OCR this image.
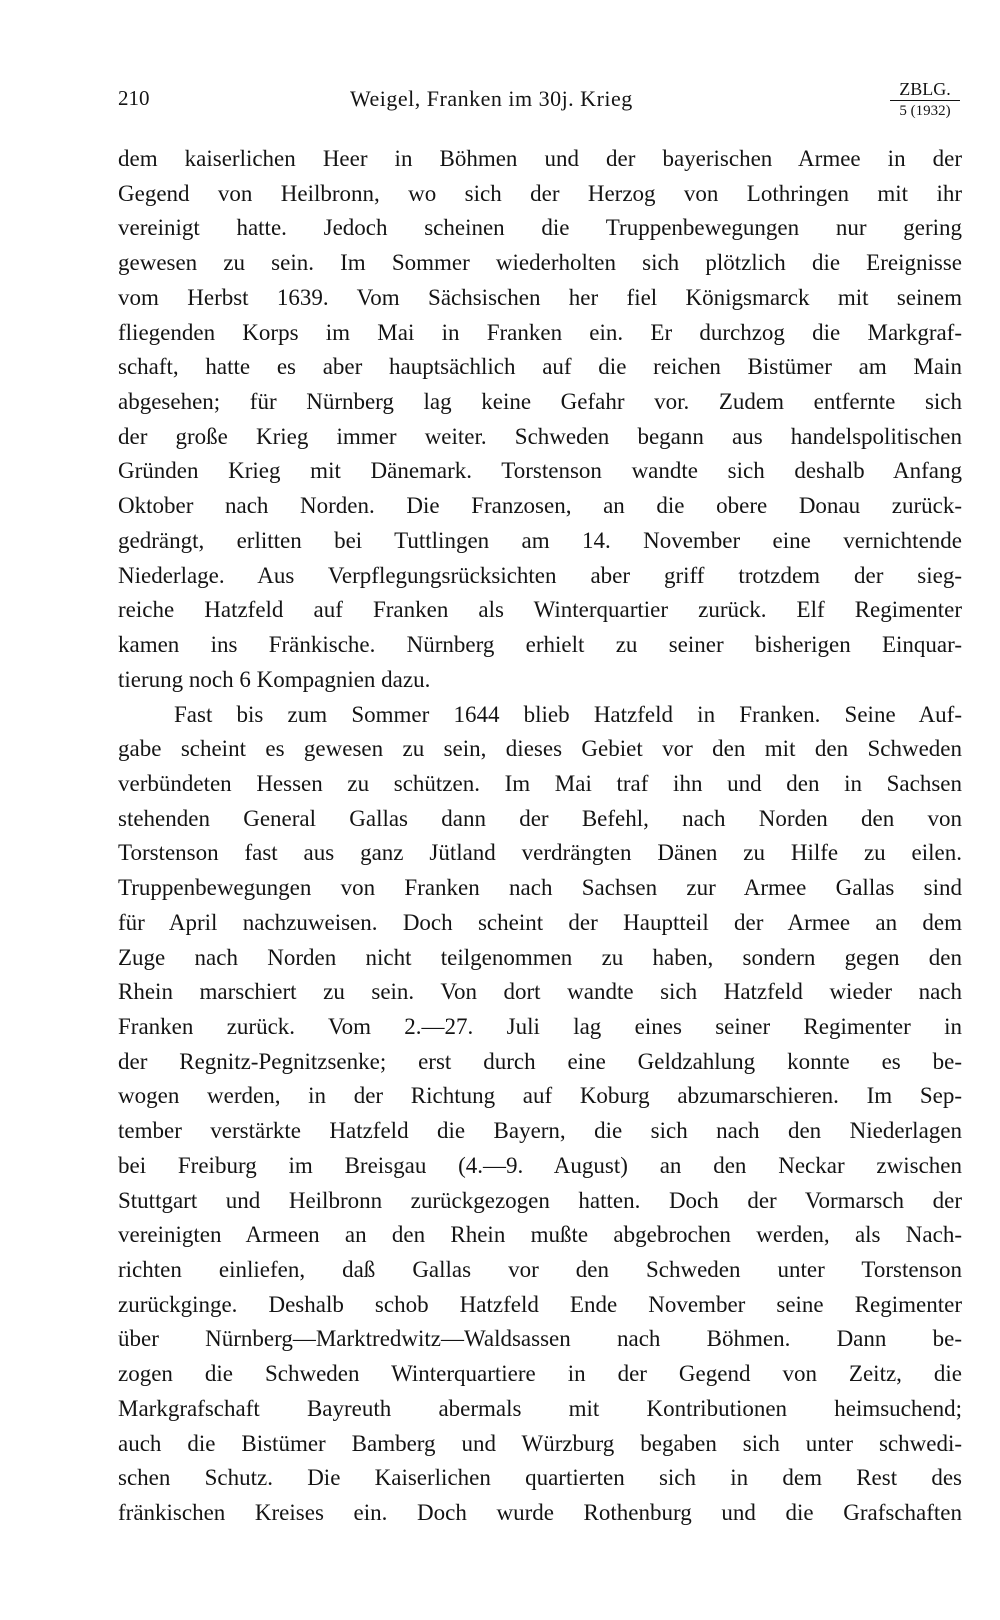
210	Weigel, Franken im 30j. Krieg	ZBLG.
5 (1932)
dem kaiserlichen Heer in Böhmen und der bayerischen Armee in der
Gegend von Heilbronn, wo sich der Herzog von Lothringen mit ihr
vereinigt hatte. Jedoch scheinen die Truppenbewegungen nur gering
gewesen zu sein. Im Sommer wiederholten sich plötzlich die Ereignisse
vom Herbst 1639. Vom Sächsischen her fiel Königsmarck mit seinem
fliegenden Korps im Mai in Franken ein. Er durchzog die Markgraf-
schaft, hatte es aber hauptsächlich auf die reichen Bistümer am Main
abgesehen; für Nürnberg lag keine Gefahr vor. Zudem entfernte sich
der große Krieg immer weiter. Schweden begann aus handelspolitischen
Gründen Krieg mit Dänemark. Torstenson wandte sich deshalb Anfang
Oktober nach Norden. Die Franzosen, an die obere Donau zurück-
gedrängt, erlitten bei Tuttlingen am 14. November eine vernichtende
Niederlage. Aus Verpflegungsrücksichten aber griff trotzdem der sieg-
reiche Hatzfeld auf Franken als Winterquartier zurück. Elf Regimenter
kamen ins Fränkische. Nürnberg erhielt zu seiner bisherigen Einquar-
tierung noch 6 Kompagnien dazu.
Fast bis zum Sommer 1644 blieb Hatzfeld in Franken. Seine Auf-
gabe scheint es gewesen zu sein, dieses Gebiet vor den mit den Schweden
verbündeten Hessen zu schützen. Im Mai traf ihn und den in Sachsen
stehenden General Gallas dann der Befehl, nach Norden den von
Torstenson fast aus ganz Jütland verdrängten Dänen zu Hilfe zu eilen.
Truppenbewegungen von Franken nach Sachsen zur Armee Gallas sind
für April nachzuweisen. Doch scheint der Hauptteil der Armee an dem
Zuge nach Norden nicht teilgenommen zu haben, sondern gegen den
Rhein marschiert zu sein. Von dort wandte sich Hatzfeld wieder nach
Franken zurück. Vom 2.—27. Juli lag eines seiner Regimenter in
der Regnitz-Pegnitzsenke; erst durch eine Geldzahlung konnte es be-
wogen werden, in der Richtung auf Koburg abzumarschieren. Im Sep-
tember verstärkte Hatzfeld die Bayern, die sich nach den Niederlagen
bei Freiburg im Breisgau (4.—9. August) an den Neckar zwischen
Stuttgart und Heilbronn zurückgezogen hatten. Doch der Vormarsch der
vereinigten Armeen an den Rhein mußte abgebrochen werden, als Nach-
richten einliefen, daß Gallas vor den Schweden unter Torstenson
zurückginge. Deshalb schob Hatzfeld Ende November seine Regimenter
über Nürnberg—Marktredwitz—Waldsassen nach Böhmen. Dann be-
zogen die Schweden Winterquartiere in der Gegend von Zeitz, die
Markgrafschaft Bayreuth abermals mit Kontributionen heimsuchend;
auch die Bistümer Bamberg und Würzburg begaben sich unter schwedi-
schen Schutz. Die Kaiserlichen quartierten sich in dem Rest des
fränkischen Kreises ein. Doch wurde Rothenburg und die Grafschaften
